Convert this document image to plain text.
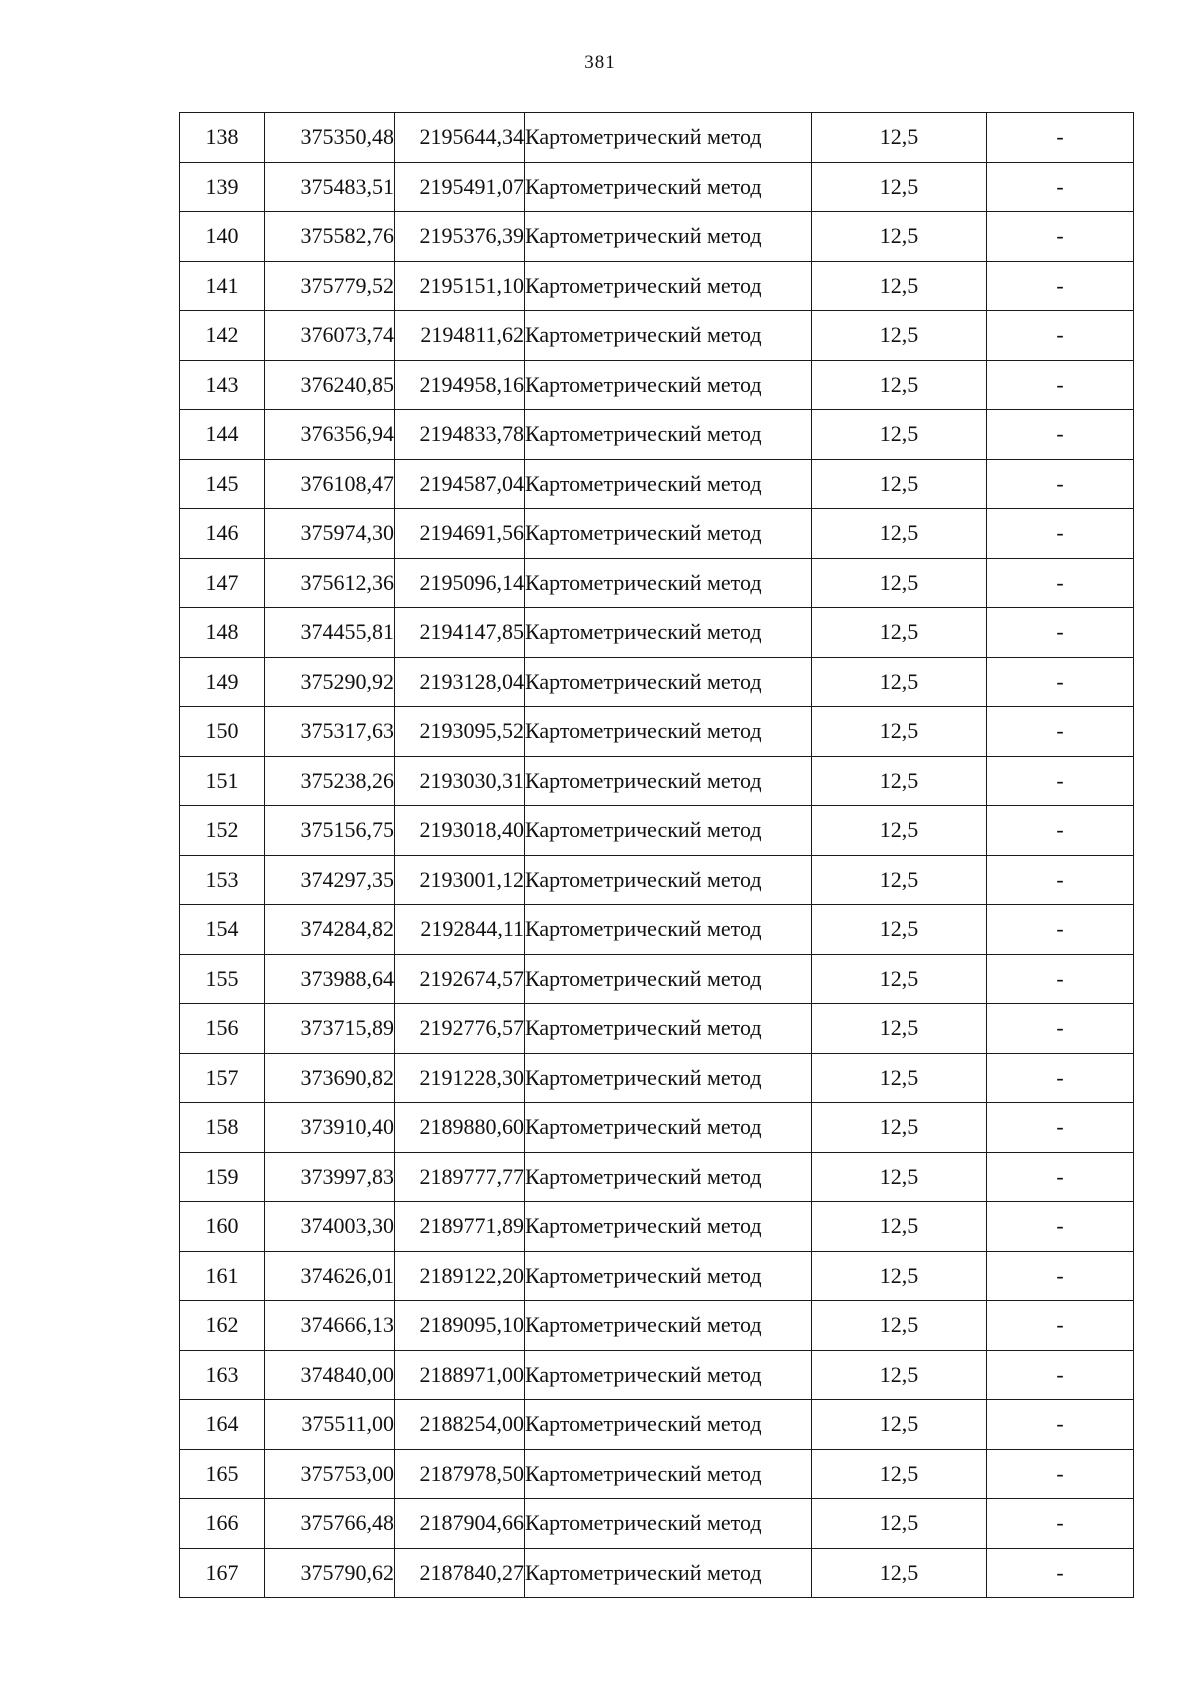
381
138	375350,48	2195644,34	Картометрический метод	12,5	-
139	375483,51	2195491,07	Картометрический метод	12,5	-
140	375582,76	2195376,39	Картометрический метод	12,5	-
141	375779,52	2195151,10	Картометрический метод	12,5	-
142	376073,74	2194811,62	Картометрический метод	12,5	-
143	376240,85	2194958,16	Картометрический метод	12,5	-
144	376356,94	2194833,78	Картометрический метод	12,5	-
145	376108,47	2194587,04	Картометрический метод	12,5	-
146	375974,30	2194691,56	Картометрический метод	12,5	-
147	375612,36	2195096,14	Картометрический метод	12,5	-
148	374455,81	2194147,85	Картометрический метод	12,5	-
149	375290,92	2193128,04	Картометрический метод	12,5	-
150	375317,63	2193095,52	Картометрический метод	12,5	-
151	375238,26	2193030,31	Картометрический метод	12,5	-
152	375156,75	2193018,40	Картометрический метод	12,5	-
153	374297,35	2193001,12	Картометрический метод	12,5	-
154	374284,82	2192844,11	Картометрический метод	12,5	-
155	373988,64	2192674,57	Картометрический метод	12,5	-
156	373715,89	2192776,57	Картометрический метод	12,5	-
157	373690,82	2191228,30	Картометрический метод	12,5	-
158	373910,40	2189880,60	Картометрический метод	12,5	-
159	373997,83	2189777,77	Картометрический метод	12,5	-
160	374003,30	2189771,89	Картометрический метод	12,5	-
161	374626,01	2189122,20	Картометрический метод	12,5	-
162	374666,13	2189095,10	Картометрический метод	12,5	-
163	374840,00	2188971,00	Картометрический метод	12,5	-
164	375511,00	2188254,00	Картометрический метод	12,5	-
165	375753,00	2187978,50	Картометрический метод	12,5	-
166	375766,48	2187904,66	Картометрический метод	12,5	-
167	375790,62	2187840,27	Картометрический метод	12,5	-
